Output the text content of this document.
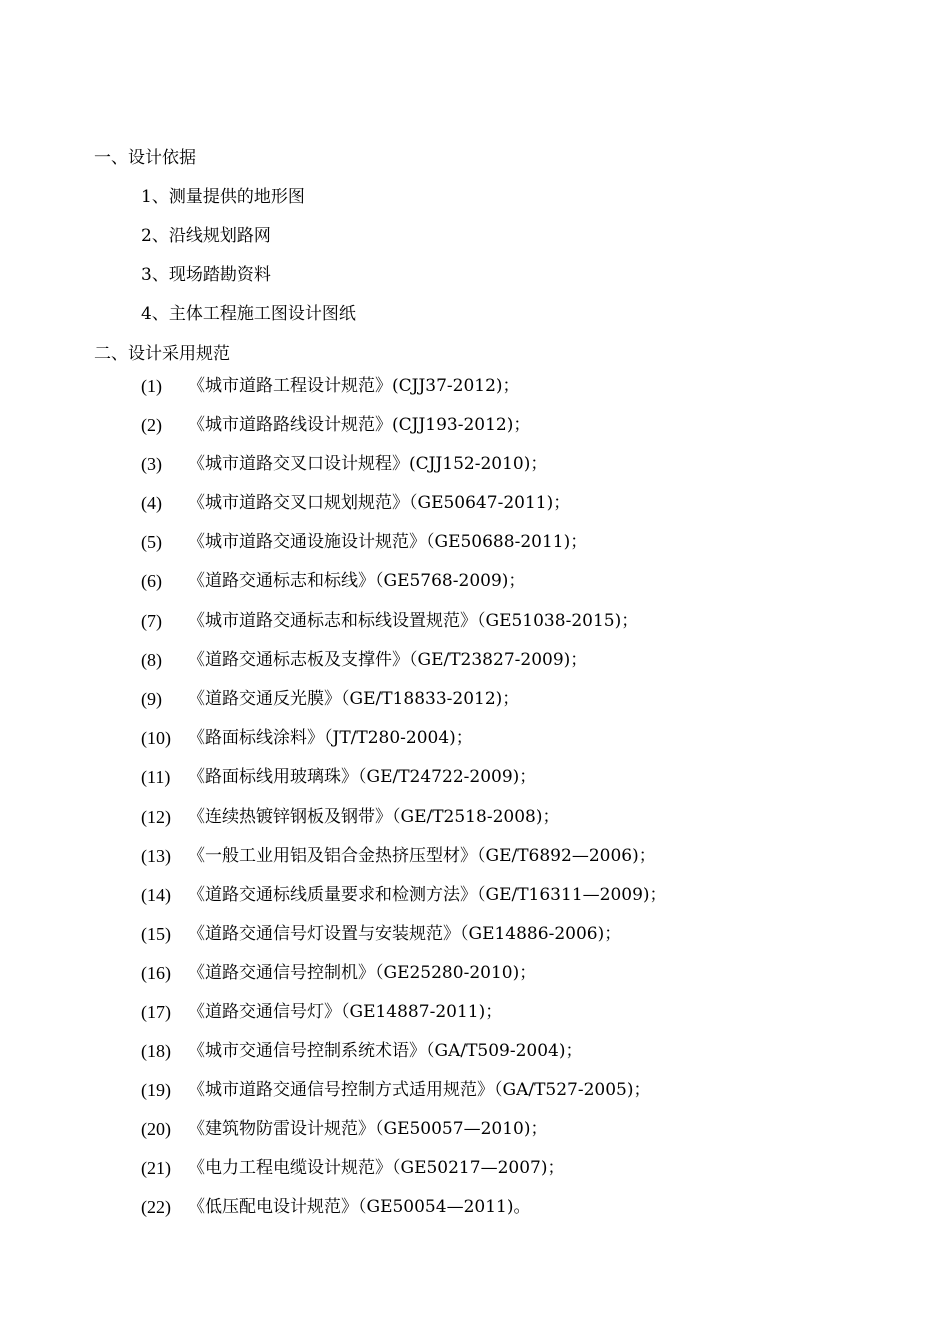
一、设计依据
1、测量提供的地形图
2、沿线规划路网
3、现场踏勘资料
4、主体工程施工图设计图纸
二、设计采用规范
(1) 《城市道路工程设计规范》(CJJ37-2012)；
(2) 《城市道路路线设计规范》(CJJ193-2012)；
(3) 《城市道路交叉口设计规程》(CJJ152-2010)；
(4) 《城市道路交叉口规划规范》（GE50647-2011)；
(5) 《城市道路交通设施设计规范》（GE50688-2011)；
(6) 《道路交通标志和标线》（GE5768-2009)；
(7) 《城市道路交通标志和标线设置规范》（GE51038-2015)；
(8) 《道路交通标志板及支撑件》（GE/T23827-2009)；
(9) 《道路交通反光膜》（GE/T18833-2012)；
(10) 《路面标线涂料》（JT/T280-2004)；
(11) 《路面标线用玻璃珠》（GE/T24722-2009)；
(12) 《连续热镀锌钢板及钢带》（GE/T2518-2008)；
(13) 《一般工业用铝及铝合金热挤压型材》（GE/T6892—2006)；
(14) 《道路交通标线质量要求和检测方法》（GE/T16311—2009)；
(15) 《道路交通信号灯设置与安装规范》（GE14886-2006)；
(16) 《道路交通信号控制机》（GE25280-2010)；
(17) 《道路交通信号灯》（GE14887-2011)；
(18) 《城市交通信号控制系统术语》（GA/T509-2004)；
(19) 《城市道路交通信号控制方式适用规范》（GA/T527-2005)；
(20) 《建筑物防雷设计规范》（GE50057—2010)；
(21) 《电力工程电缆设计规范》（GE50217—2007)；
(22) 《低压配电设计规范》（GE50054—2011)。
